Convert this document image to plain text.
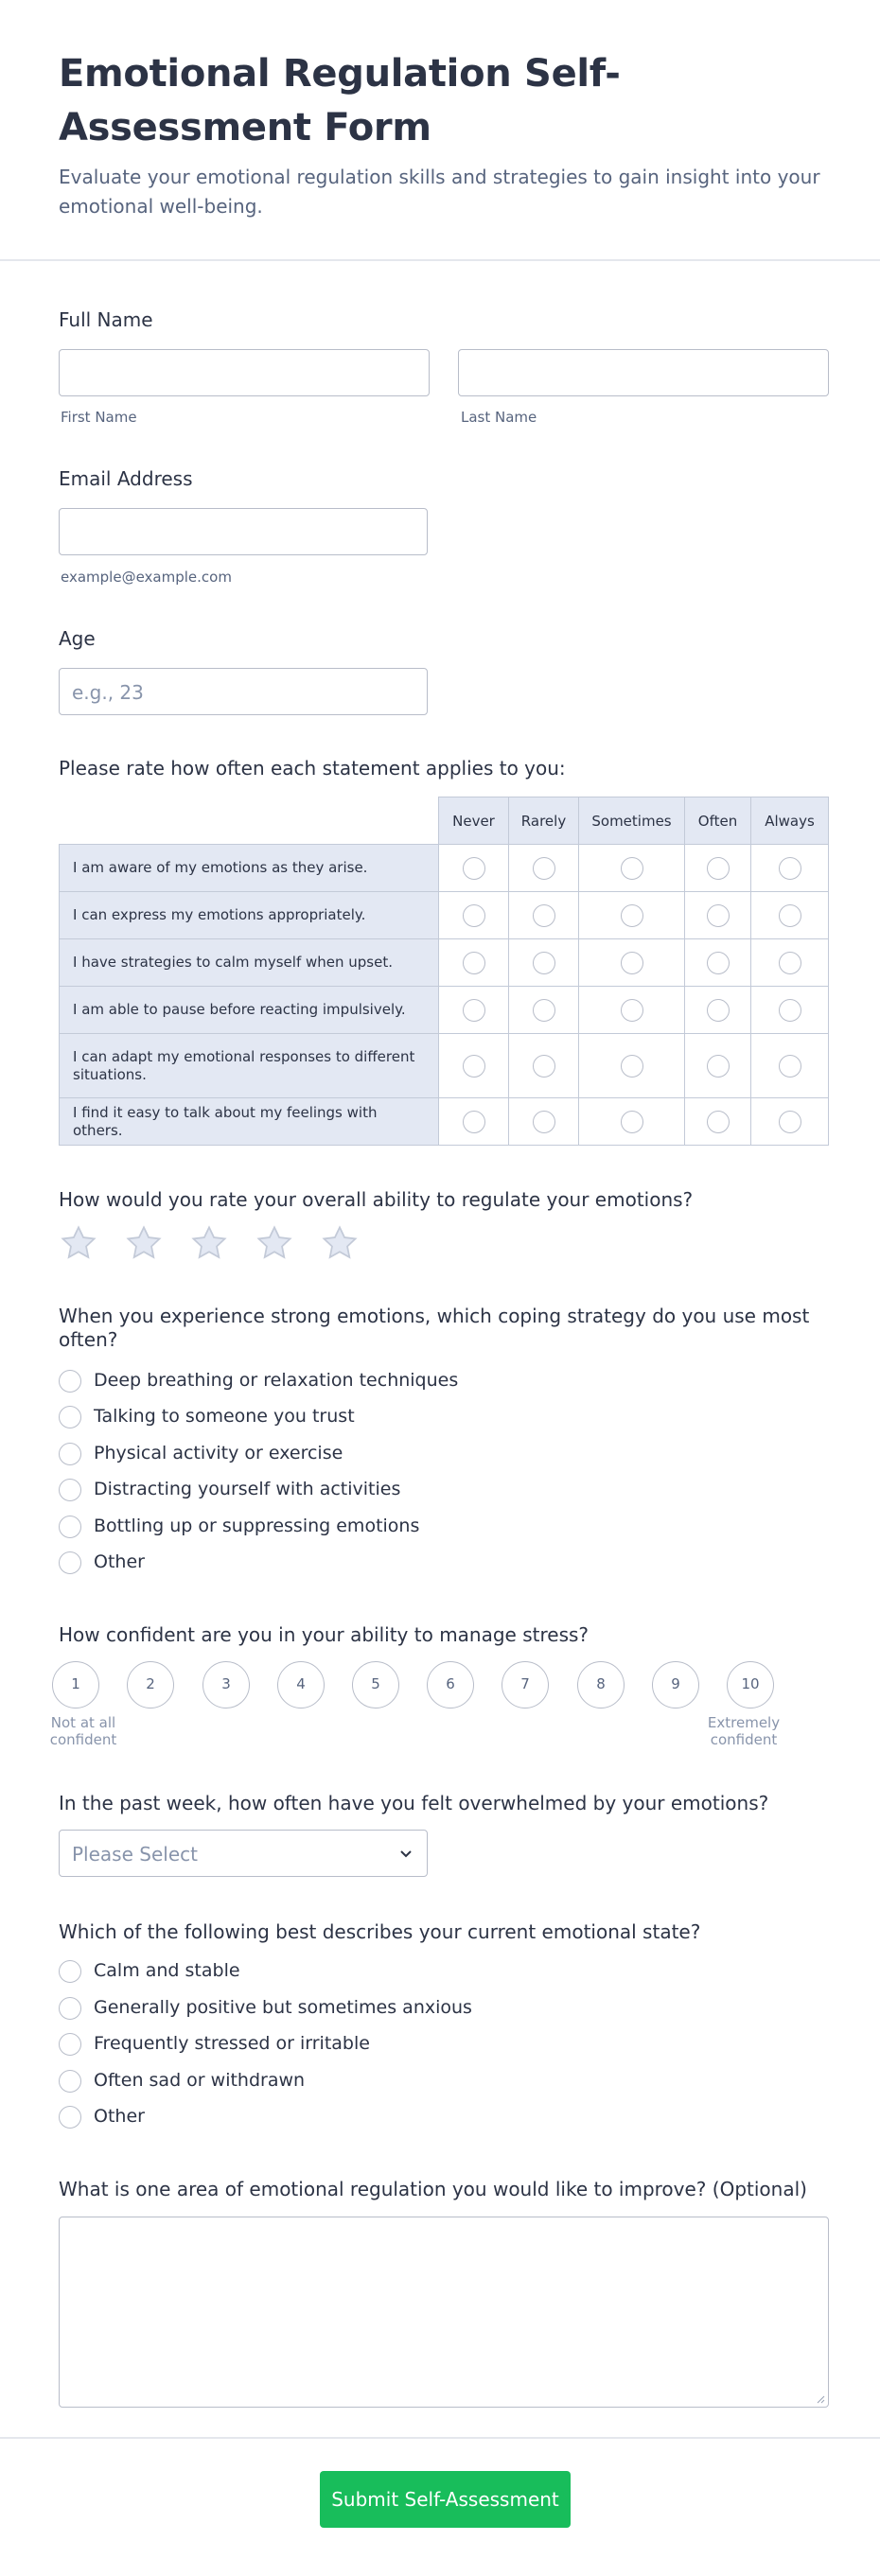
Emotional Regulation Self-Assessment Form

Evaluate your emotional regulation skills and strategies to gain insight into your emotional well-being.

Full Name
First Name	Last Name
Email Address
example@example.com
Age
e.g., 23
Please rate how often each statement applies to you:
	Never	Rarely	Sometimes	Often	Always
I am aware of my emotions as they arise.					
I can express my emotions appropriately.					
I have strategies to calm myself when upset.					
I am able to pause before reacting impulsively.					
I can adapt my emotional responses to different situations.					
I find it easy to talk about my feelings with others.					
How would you rate your overall ability to regulate your emotions?
When you experience strong emotions, which coping strategy do you use most often?
Deep breathing or relaxation techniques
Talking to someone you trust
Physical activity or exercise
Distracting yourself with activities
Bottling up or suppressing emotions
Other
How confident are you in your ability to manage stress?
1	2	3	4	5	6	7	8	9	10
Not at all confident
Extremely confident
In the past week, how often have you felt overwhelmed by your emotions?
Please Select
Which of the following best describes your current emotional state?
Calm and stable
Generally positive but sometimes anxious
Frequently stressed or irritable
Often sad or withdrawn
Other
What is one area of emotional regulation you would like to improve? (Optional)
Submit Self-Assessment
